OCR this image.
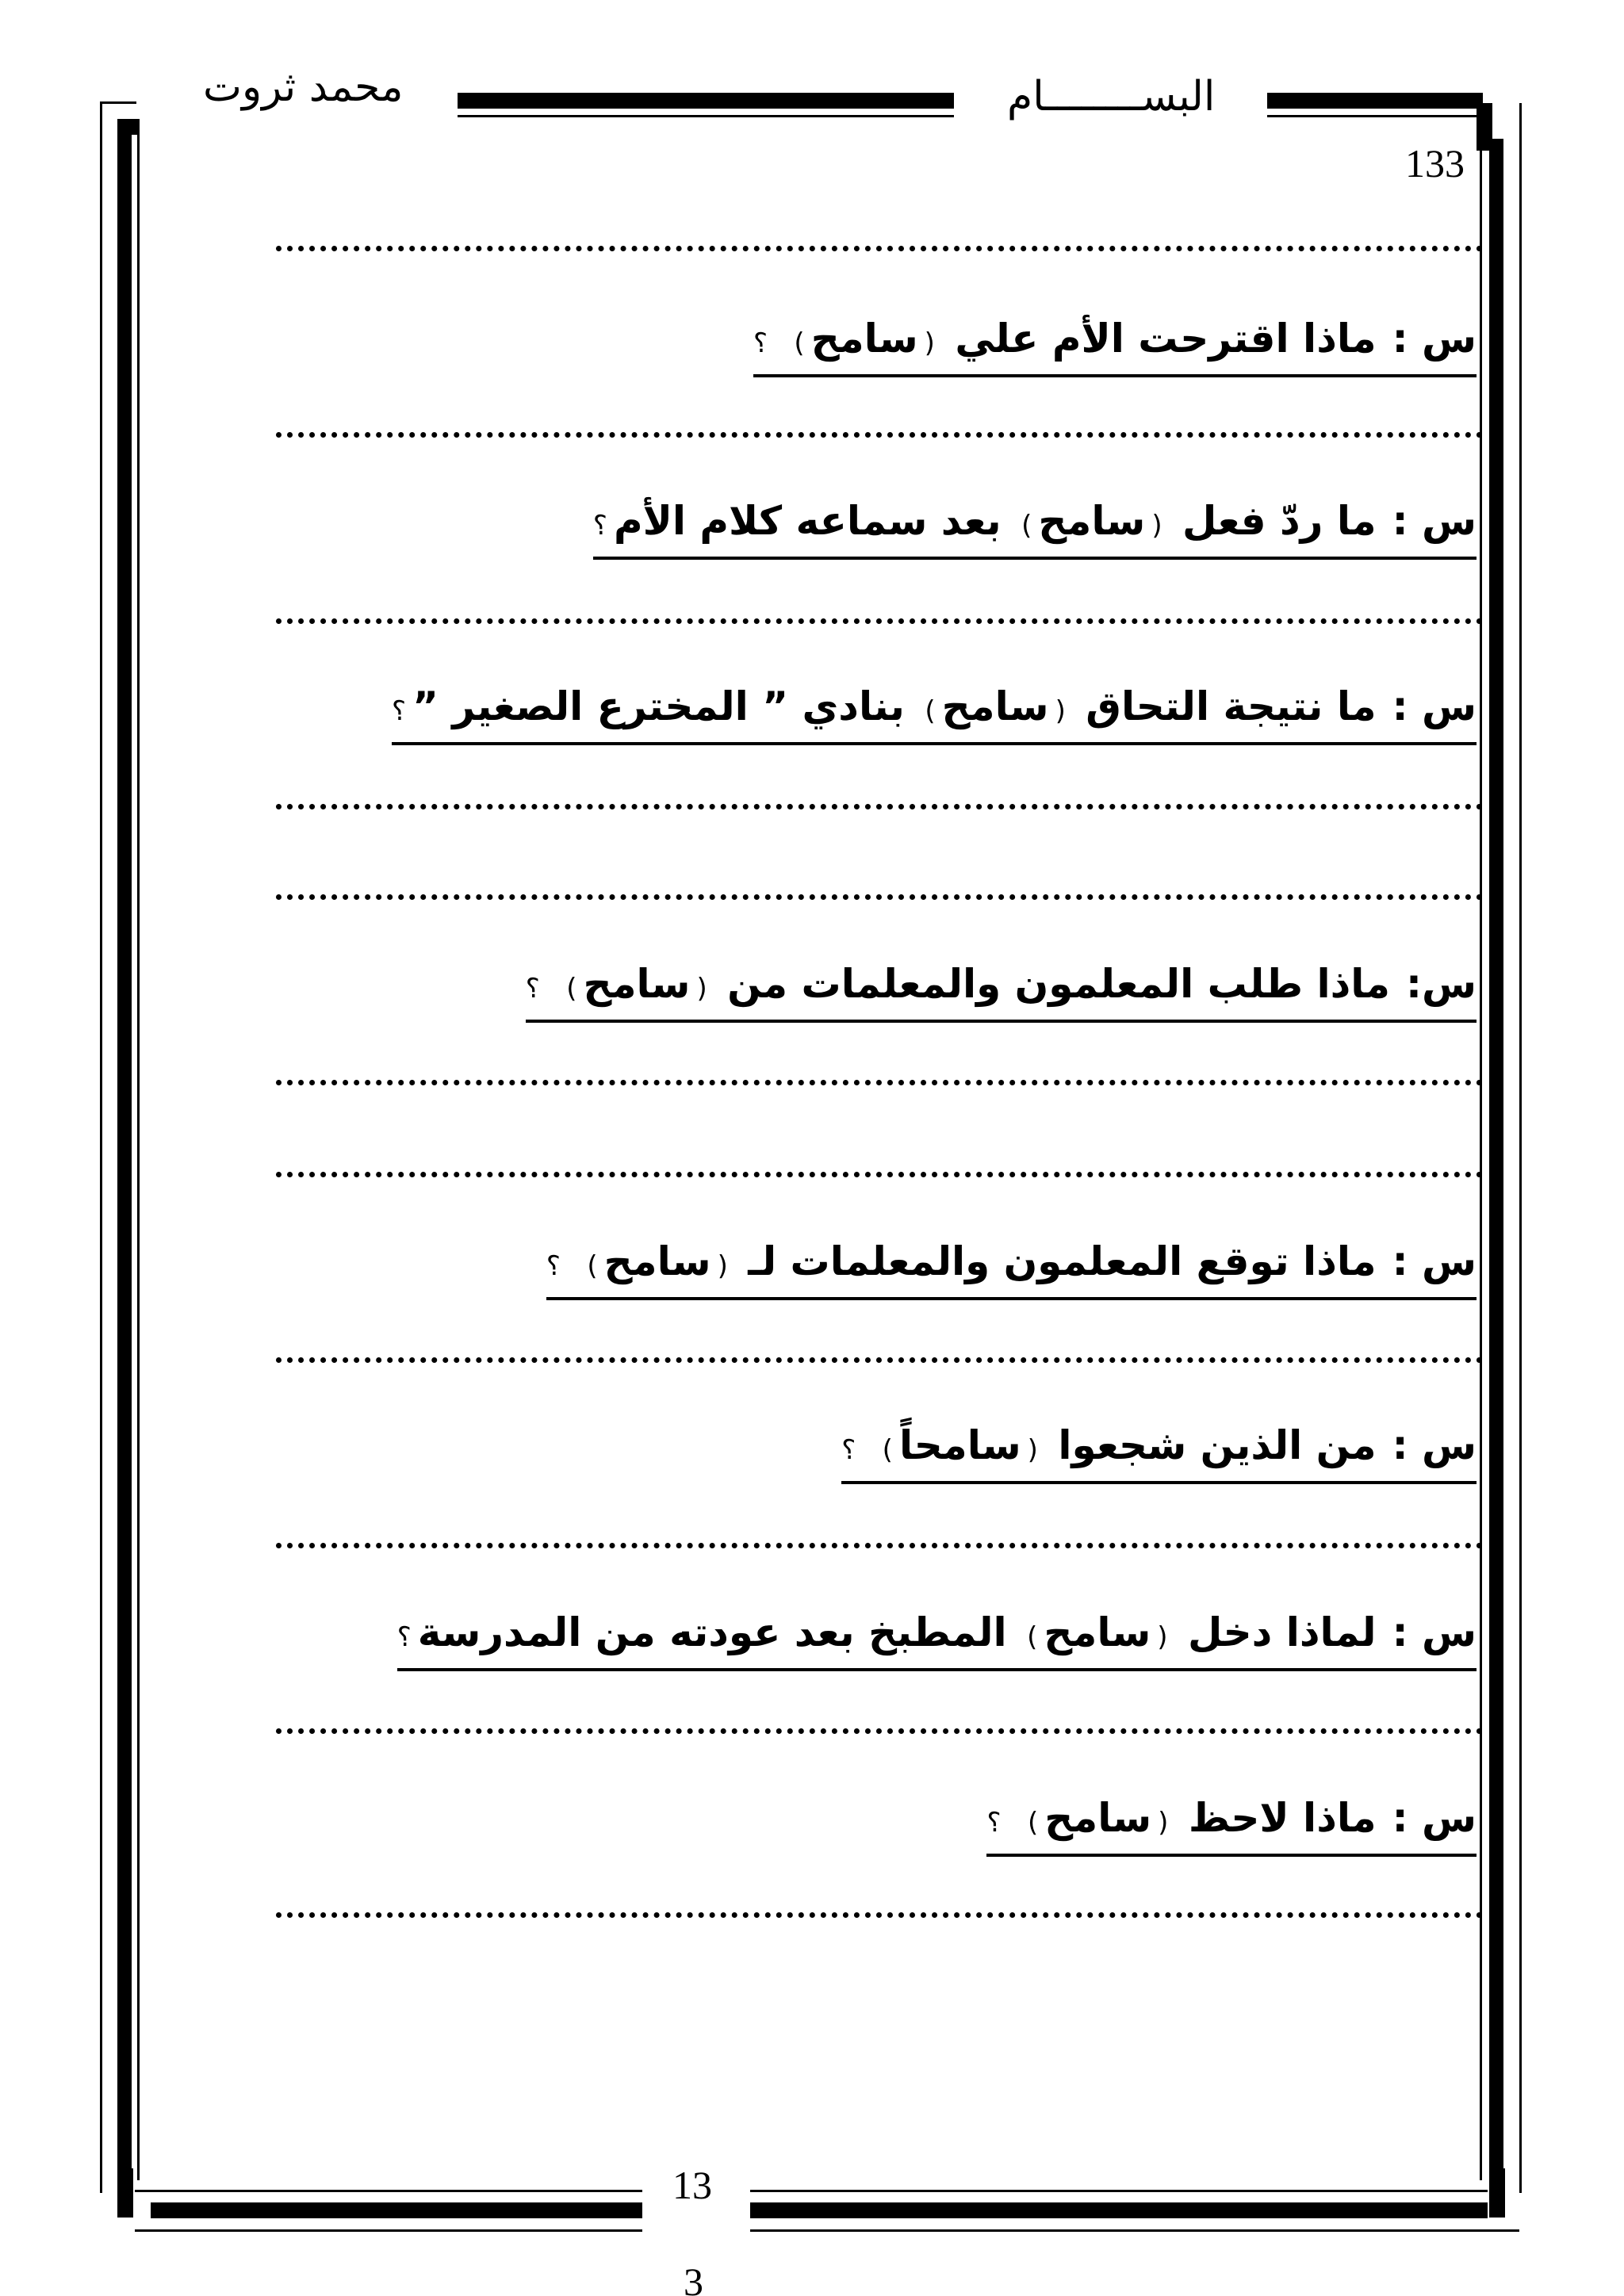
محمد ثروت	البســــــــام
133
س :ماذا اقترحت الأم علي (سامح) ؟
س :ما ردّ فعل (سامح) بعد سماعه كلام الأم؟
س :ما نتيجة التحاق (سامح) بنادي ” المخترع الصغير ”؟
س:ماذا طلب المعلمون والمعلمات من (سامح) ؟
س :ماذا توقع المعلمون والمعلمات لـ (سامح) ؟
س :من الذين شجعوا (سامحاً) ؟
س :لماذا دخل (سامح) المطبخ بعد عودته من المدرسة؟
س :ماذا لاحظ (سامح) ؟
13
3
